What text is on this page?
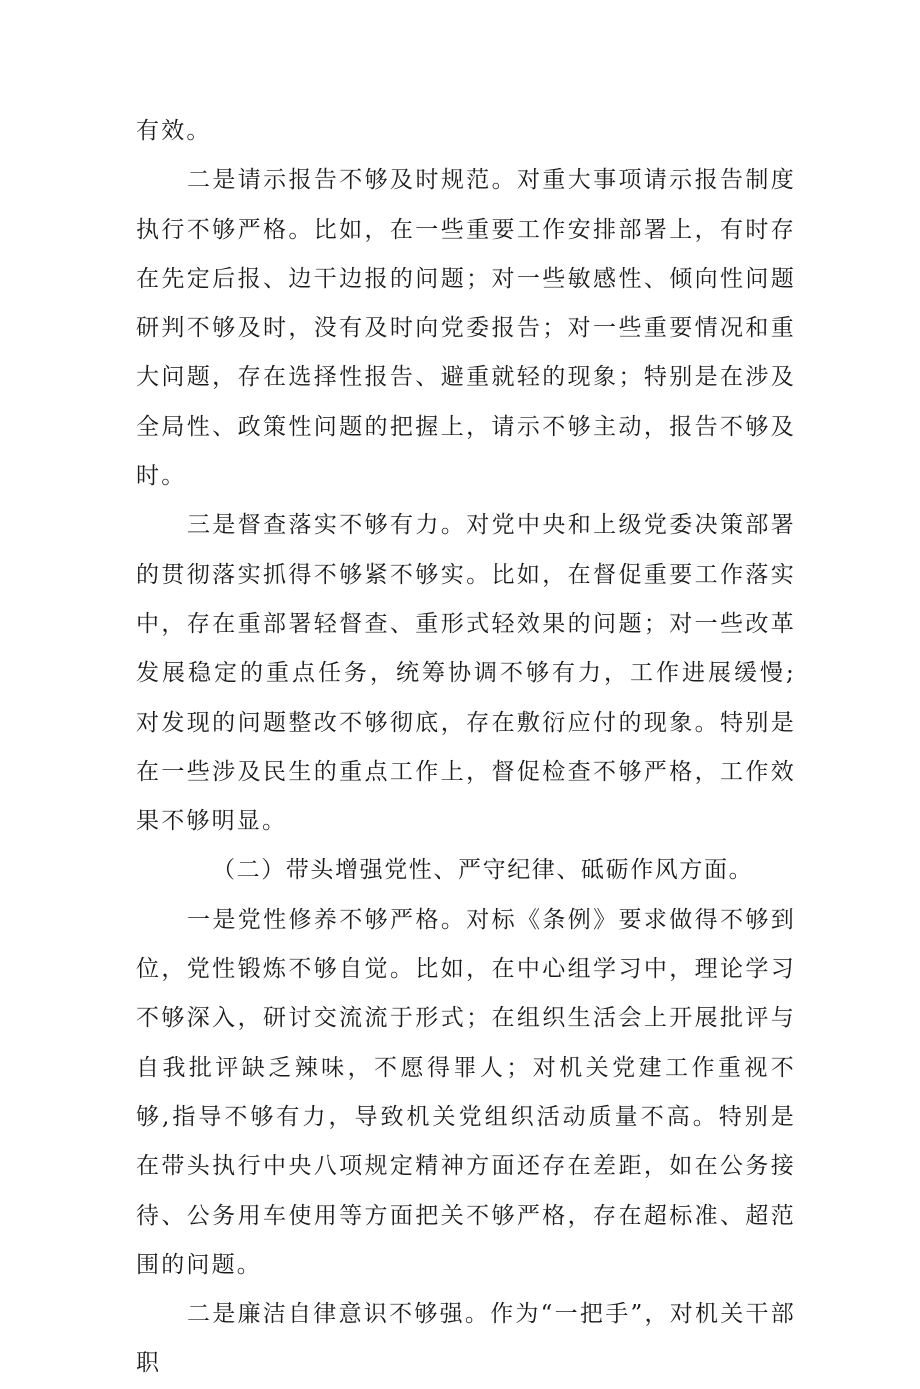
有效。

二是请示报告不够及时规范。对重大事项请示报告制度执行不够严格。比如，在一些重要工作安排部署上，有时存在先定后报、边干边报的问题；对一些敏感性、倾向性问题研判不够及时，没有及时向党委报告；对一些重要情况和重大问题，存在选择性报告、避重就轻的现象；特别是在涉及全局性、政策性问题的把握上，请示不够主动，报告不够及时。

三是督查落实不够有力。对党中央和上级党委决策部署的贯彻落实抓得不够紧不够实。比如，在督促重要工作落实中，存在重部署轻督查、重形式轻效果的问题；对一些改革发展稳定的重点任务，统筹协调不够有力，工作进展缓慢;对发现的问题整改不够彻底，存在敷衍应付的现象。特别是在一些涉及民生的重点工作上，督促检查不够严格，工作效果不够明显。

（二）带头增强党性、严守纪律、砥砺作风方面。

一是党性修养不够严格。对标《条例》要求做得不够到位，党性锻炼不够自觉。比如，在中心组学习中，理论学习不够深入，研讨交流流于形式；在组织生活会上开展批评与自我批评缺乏辣味，不愿得罪人；对机关党建工作重视不够,指导不够有力，导致机关党组织活动质量不高。特别是在带头执行中央八项规定精神方面还存在差距，如在公务接待、公务用车使用等方面把关不够严格，存在超标准、超范围的问题。

二是廉洁自律意识不够强。作为“一把手”，对机关干部职
